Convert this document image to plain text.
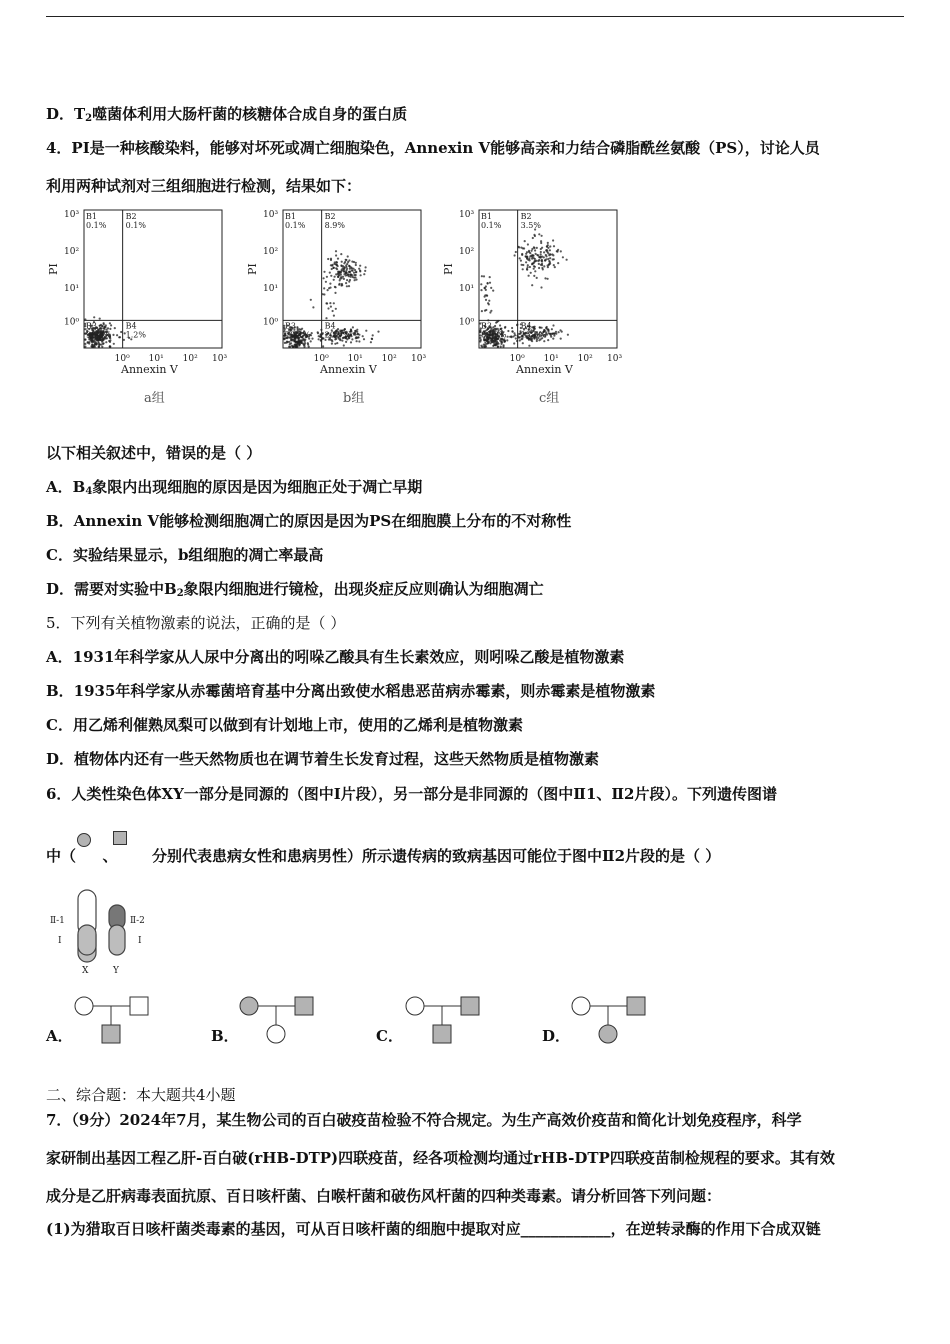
D．$T_2$噬菌体利用大肠杆菌的核糖体合成自身的蛋白质
4．PI是一种核酸染料，能够对坏死或凋亡细胞染色，Annexin V能够高亲和力结合磷脂酰丝氨酸（PS），讨论人员
利用两种试剂对三组细胞进行检测，结果如下：
B1
0.1%
B2
0.1%
B3
98.6%
B4
1.2%
10³
10²
10¹
10⁰
10⁰ 10¹ 10² 10³
Annexin V
PI
a组
B1
0.1%
B2
8.9%
B3
70.1%
B4
20.9%
10³
10²
10¹
10⁰
10⁰ 10¹ 10² 10³
Annexin V
PI
b组
B1
0.1%
B2
3.5%
B3
80.9%
B4
15.5%
10³
10²
10¹
10⁰
10⁰ 10¹ 10² 10³
Annexin V
PI
c组
以下相关叙述中，错误的是（ ）
A．$B_4$象限内出现细胞的原因是因为细胞正处于凋亡早期
B．Annexin V能够检测细胞凋亡的原因是因为PS在细胞膜上分布的不对称性
C．实验结果显示，b组细胞的凋亡率最高
D．需要对实验中$B_2$象限内细胞进行镜检，出现炎症反应则确认为细胞凋亡
5．下列有关植物激素的说法，正确的是（ ）
A．1931年科学家从人尿中分离出的吲哚乙酸具有生长素效应，则吲哚乙酸是植物激素
B．1935年科学家从赤霉菌培育基中分离出致使水稻患恶苗病赤霉素，则赤霉素是植物激素
C．用乙烯利催熟凤梨可以做到有计划地上市，使用的乙烯利是植物激素
D．植物体内还有一些天然物质也在调节着生长发育过程，这些天然物质是植物激素
6．人类性染色体XY一部分是同源的（图中Ⅰ片段），另一部分是非同源的（图中Ⅱ1、Ⅱ2片段）。下列遗传图谱
中（ 、 分别代表患病女性和患病男性）所示遗传病的致病基因可能位于图中Ⅱ2片段的是（ ）
Ⅱ-1
Ⅰ
Ⅱ-2
Ⅰ
X	Y
A．	B．	C．	D．
二、综合题：本大题共4小题
7．（9分）2024年7月，某生物公司的百白破疫苗检验不符合规定。为生产高效价疫苗和简化计划免疫程序，科学
家研制出基因工程乙肝-百白破(rHB-DTP)四联疫苗，经各项检测均通过rHB-DTP四联疫苗制检规程的要求。其有效
成分是乙肝病毒表面抗原、百日咳杆菌、白喉杆菌和破伤风杆菌的四种类毒素。请分析回答下列问题：
(1)为猎取百日咳杆菌类毒素的基因，可从百日咳杆菌的细胞中提取对应____________，在逆转录酶的作用下合成双链
